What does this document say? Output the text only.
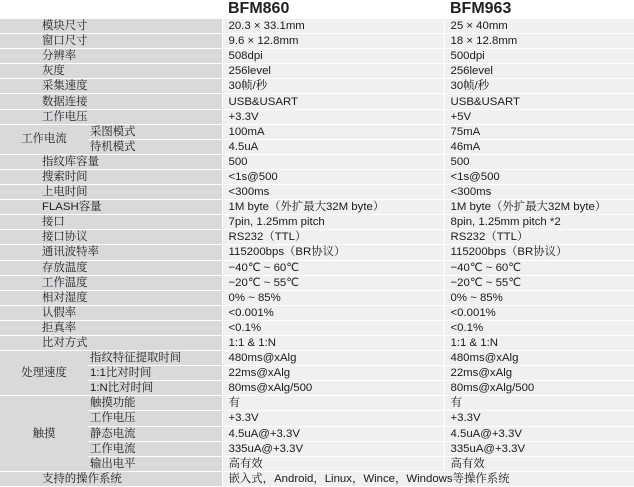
		BFM860	BFM963
模块尺寸		20.3 × 33.1mm	25 × 40mm
窗口尺寸		9.6 × 12.8mm	18 × 12.8mm
分辨率		508dpi	500dpi
灰度		256level	256level
采集速度		30帧/秒	30帧/秒
数据连接		USB&USART	USB&USART
工作电压		+3.3V	+5V
工作电流	采图模式	100mA	75mA
	待机模式	4.5uA	46mA
指纹库容量		500	500
搜索时间		<1s@500	<1s@500
上电时间		<300ms	<300ms
FLASH容量		1M byte（外扩最大32M byte）	1M byte（外扩最大32M byte）
接口		7pin, 1.25mm pitch	8pin, 1.25mm pitch *2
接口协议		RS232（TTL）	RS232（TTL）
通讯波特率		115200bps（BR协议）	115200bps（BR协议）
存放温度		−40℃ ~ 60℃	−40℃ ~ 60℃
工作温度		−20℃ ~ 55℃	−20℃ ~ 55℃
相对湿度		0% ~ 85%	0% ~ 85%
认假率		<0.001%	<0.001%
拒真率		<0.1%	<0.1%
比对方式		1:1 & 1:N	1:1 & 1:N
处理速度	指纹特征提取时间	480ms@xAlg	480ms@xAlg
	1:1比对时间	22ms@xAlg	22ms@xAlg
	1:N比对时间	80ms@xAlg/500	80ms@xAlg/500
触摸	触摸功能	有	有
	工作电压	+3.3V	+3.3V
	静态电流	4.5uA@+3.3V	4.5uA@+3.3V
	工作电流	335uA@+3.3V	335uA@+3.3V
	输出电平	高有效	高有效
支持的操作系统		嵌入式，Android，Linux，Wince，Windows等操作系统	
